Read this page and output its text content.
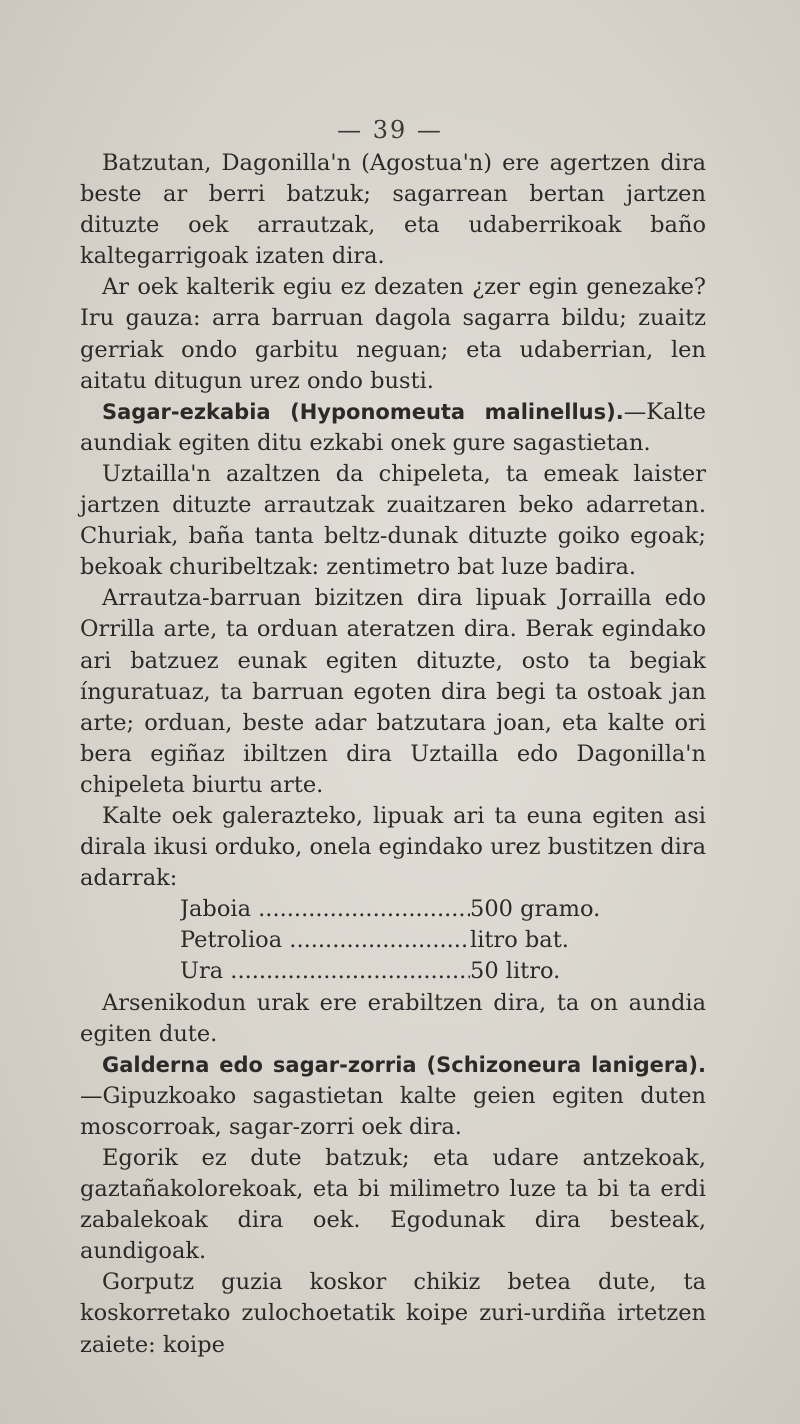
— 39 —

Batzutan, Dagonilla'n (Agostua'n) ere agertzen dira beste ar berri batzuk; sagarrean bertan jartzen dituzte oek arrautzak, eta udaberrikoak baño kaltegarrigoak izaten dira.

Ar oek kalterik egiu ez dezaten ¿zer egin genezake? Iru gauza: arra barruan dagola sagarra bildu; zuaitz gerriak ondo garbitu neguan; eta udaberrian, len aitatu ditugun urez ondo busti.

Sagar-ezkabia (Hyponomeuta malinellus).—Kalte aundiak egiten ditu ezkabi onek gure sagastietan.

Uztailla'n azaltzen da chipeleta, ta emeak laister jartzen dituzte arrautzak zuaitzaren beko adarretan. Churiak, baña tanta beltz-dunak dituzte goiko egoak; bekoak churibeltzak: zentimetro bat luze badira.

Arrautza-barruan bizitzen dira lipuak Jorrailla edo Orrilla arte, ta orduan ateratzen dira. Berak egindako ari batzuez eunak egiten dituzte, osto ta begiak ínguratuaz, ta barruan egoten dira begi ta ostoak jan arte; orduan, beste adar batzutara joan, eta kalte ori bera egiñaz ibiltzen dira Uztailla edo Dagonilla'n chipeleta biurtu arte.

Kalte oek galerazteko, lipuak ari ta euna egiten asi dirala ikusi orduko, onela egindako urez bustitzen dira adarrak:

Jaboia .....	500 gramo.
Petrolioa .....	litro bat.
Ura .....	50 litro.

Arsenikodun urak ere erabiltzen dira, ta on aundia egiten dute.

Galderna edo sagar-zorria (Schizoneura lanigera).—Gipuzkoako sagastietan kalte geien egiten duten moscorroak, sagar-zorri oek dira.

Egorik ez dute batzuk; eta udare antzekoak, gaztañakolorekoak, eta bi milimetro luze ta bi ta erdi zabalekoak dira oek. Egodunak dira besteak, aundigoak.

Gorputz guzia koskor chikiz betea dute, ta koskorretako zulochoetatik koipe zuri-urdiña irtetzen zaiete: koipe
